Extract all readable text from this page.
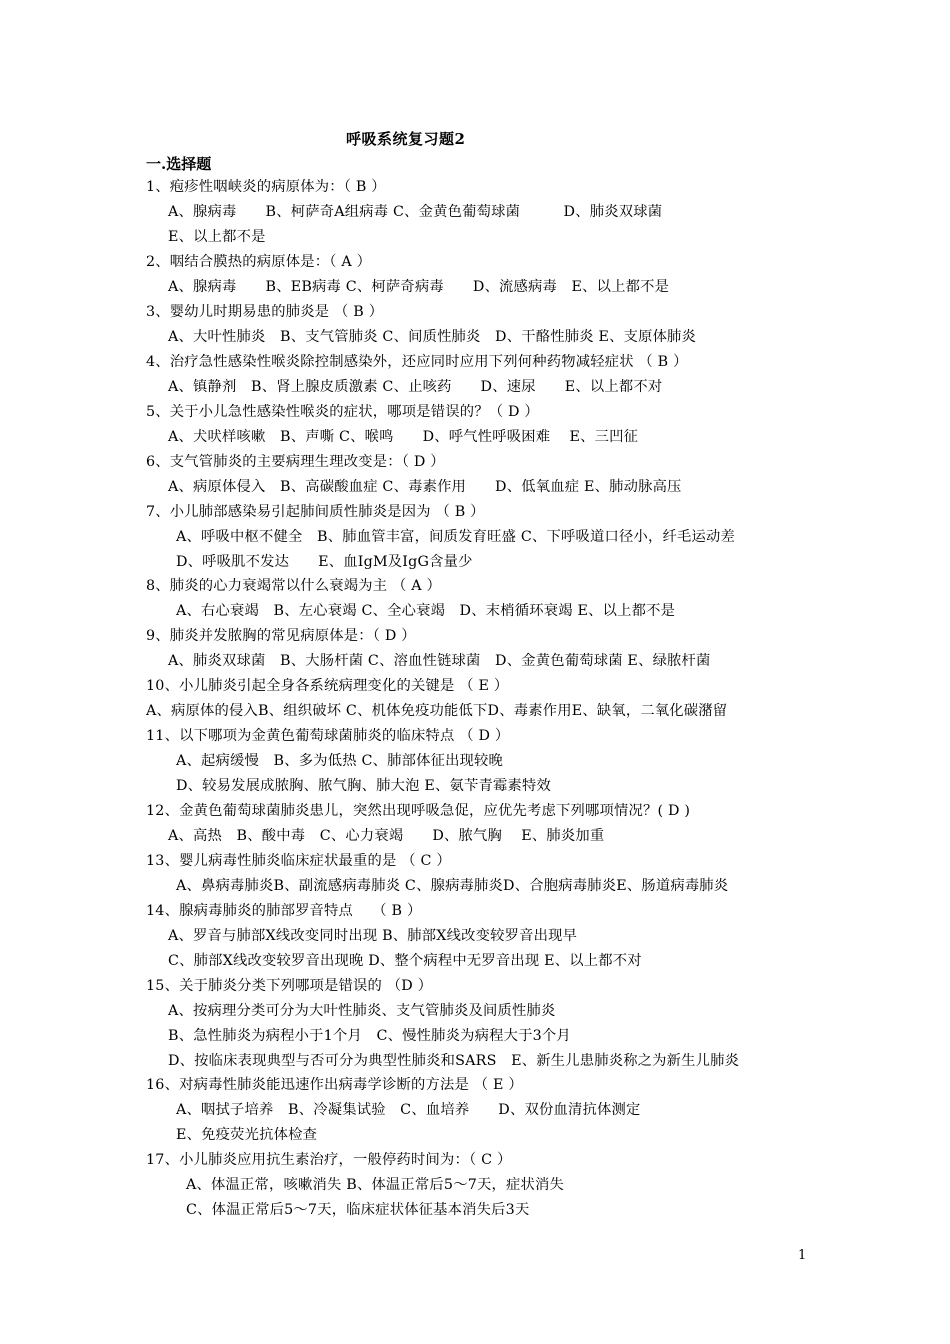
呼吸系统复习题2
一.选择题
1、疱疹性咽峡炎的病原体为：（ B ）
A、腺病毒　　B、柯萨奇A组病毒 C、金黄色葡萄球菌　　　D、肺炎双球菌
E、以上都不是
2、咽结合膜热的病原体是：（ A ）
A、腺病毒　　B、EB病毒 C、柯萨奇病毒　　D、流感病毒　E、以上都不是
3、婴幼儿时期易患的肺炎是 （ B ）
A、大叶性肺炎　B、支气管肺炎 C、间质性肺炎　D、干酪性肺炎 E、支原体肺炎
4、治疗急性感染性喉炎除控制感染外，还应同时应用下列何种药物减轻症状 （ B ）
A、镇静剂　B、肾上腺皮质激素 C、止咳药　　D、速尿　　E、以上都不对
5、关于小儿急性感染性喉炎的症状，哪项是错误的？（ D ）
A、犬吠样咳嗽　B、声嘶 C、喉鸣　　D、呼气性呼吸困难　 E、三凹征
6、支气管肺炎的主要病理生理改变是：（ D ）
A、病原体侵入　B、高碳酸血症 C、毒素作用　　D、低氧血症 E、肺动脉高压
7、小儿肺部感染易引起肺间质性肺炎是因为 （ B ）
A、呼吸中枢不健全　B、肺血管丰富，间质发育旺盛 C、下呼吸道口径小，纤毛运动差
D、呼吸肌不发达　　E、血IgM及IgG含量少
8、肺炎的心力衰竭常以什么衰竭为主 （ A ）
A、右心衰竭　B、左心衰竭 C、全心衰竭　D、末梢循环衰竭 E、以上都不是
9、肺炎并发脓胸的常见病原体是：（ D ）
A、肺炎双球菌　B、大肠杆菌 C、溶血性链球菌　D、金黄色葡萄球菌 E、绿脓杆菌
10、小儿肺炎引起全身各系统病理变化的关键是 （ E ）
A、病原体的侵入B、组织破坏 C、机体免疫功能低下D、毒素作用E、缺氧，二氧化碳潴留
11、以下哪项为金黄色葡萄球菌肺炎的临床特点 （ D ）
A、起病缓慢　B、多为低热 C、肺部体征出现较晚
D、较易发展成脓胸、脓气胸、肺大泡 E、氨苄青霉素特效
12、金黄色葡萄球菌肺炎患儿，突然出现呼吸急促，应优先考虑下列哪项情况？( D )
A、高热　B、酸中毒　C、心力衰竭　　D、脓气胸　 E、肺炎加重
13、婴儿病毒性肺炎临床症状最重的是 （ C ）
A、鼻病毒肺炎B、副流感病毒肺炎 C、腺病毒肺炎D、合胞病毒肺炎E、肠道病毒肺炎
14、腺病毒肺炎的肺部罗音特点　 （ B ）
A、罗音与肺部X线改变同时出现 B、肺部X线改变较罗音出现早
C、肺部X线改变较罗音出现晚 D、整个病程中无罗音出现 E、以上都不对
15、关于肺炎分类下列哪项是错误的 （D ）
A、按病理分类可分为大叶性肺炎、支气管肺炎及间质性肺炎
B、急性肺炎为病程小于1个月　C、慢性肺炎为病程大于3个月
D、按临床表现典型与否可分为典型性肺炎和SARS　E、新生儿患肺炎称之为新生儿肺炎
16、对病毒性肺炎能迅速作出病毒学诊断的方法是 （ E ）
A、咽拭子培养　B、冷凝集试验　C、血培养　　D、双份血清抗体测定
E、免疫荧光抗体检查
17、小儿肺炎应用抗生素治疗，一般停药时间为：（ C ）
A、体温正常，咳嗽消失 B、体温正常后5～7天，症状消失
C、体温正常后5～7天，临床症状体征基本消失后3天
1
